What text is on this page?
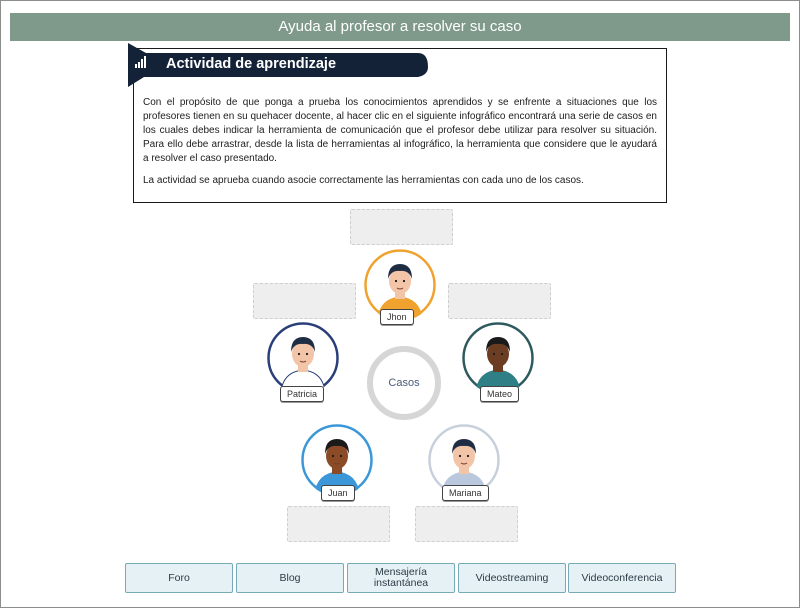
Ayuda al profesor a resolver su caso
Actividad de aprendizaje

Con el propósito de que ponga a prueba los conocimientos aprendidos y se enfrente a situaciones que los profesores tienen en su quehacer docente, al hacer clic en el siguiente infográfico encontrará una serie de casos en los cuales debes indicar la herramienta de comunicación que el profesor debe utilizar para resolver su situación. Para ello debe arrastrar, desde la lista de herramientas al infográfico, la herramienta que considere que le ayudará a resolver el caso presentado.

La actividad se aprueba cuando asocie correctamente las herramientas con cada uno de los casos.

Casos
Jhon
Patricia	Mateo
Juan	Mariana
Foro	Blog	Mensajería instantánea	Videostreaming	Videoconferencia
